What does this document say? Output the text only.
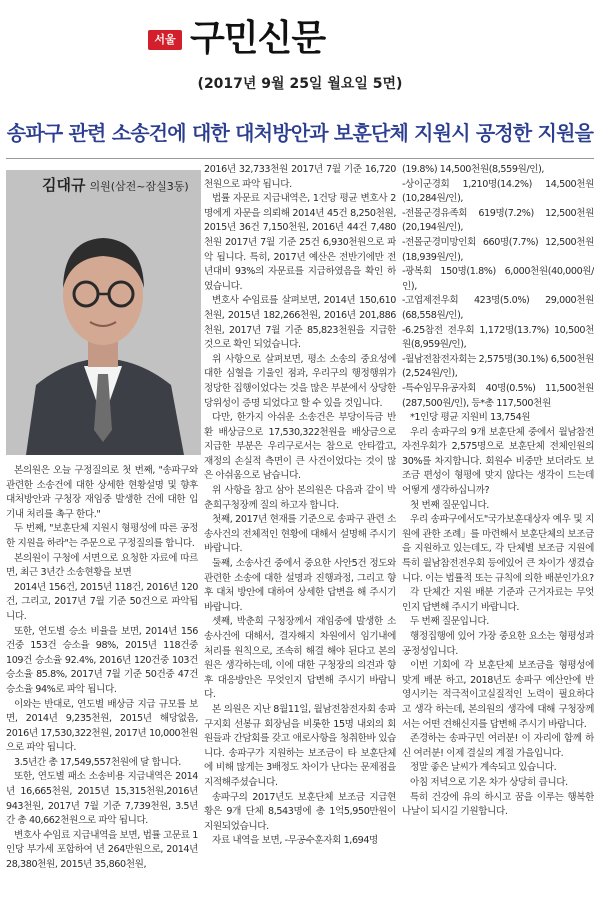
서울 구민신문
(2017년 9월 25일 월요일 5면)
송파구 관련 소송건에 대한 대처방안과 보훈단체 지원시 공정한 지원을
김대규 의원(삼전~잠실3동)

본의원은 오늘 구정질의로 첫 번째, "송파구와 관련한 소송건에 대한 상세한 현황설명 및 향후 대처방안과 구청장 재임중 발생한 건에 대한 입기내 처리를 촉구 한다."

두 번째, "보훈단체 지원시 형평성에 따른 공정한 지원을 하라"는 주문으로 구정질의를 합니다.

본의원이 구청에 서면으로 요청한 자료에 따르면, 최근 3년간 소송현황을 보면

2014년 156건, 2015년 118건, 2016년 120건, 그리고, 2017년 7월 기준 50건으로 파악됩니다.

또한, 연도별 승소 비율을 보면, 2014년 156건중 153건 승소율 98%, 2015년 118건중 109건 승소율 92.4%, 2016년 120건중 103건 승소율 85.8%, 2017년 7월 기준 50건중 47건 승소율 94%로 파악 됩니다.

이와는 반대로, 연도별 배상금 지급 규모를 보면, 2014년 9,235천원, 2015년 해당없음, 2016년 17,530,322천원, 2017년 10,000천원으로 파악 됩니다.

3.5년간 총 17,549,557천원에 달 합니다.

또한, 연도별 패소 소송비용 지급내역은 2014년 16,665천원, 2015년 15,315천원,2016년 943천원, 2017년 7월 기준 7,739천원, 3.5년간 총 40,662천원으로 파악 됩니다.

변호사 수임료 지급내역을 보면, 법률 고문료 1인당 부가세 포함하여 년 264만원으로, 2014년 28,380천원, 2015년 35,860천원,

2016년 32,733천원 2017년 7월 기준 16,720천원으로 파악 됩니다.

법률 자문료 지급내역은, 1건당 평균 변호사 2명에게 자문을 의뢰해 2014년 45건 8,250천원, 2015년 36건 7,150천원, 2016년 44건 7,480천원 2017년 7월 기준 25건 6,930천원으로 파악 됩니다. 특히, 2017년 예산은 전반기에만 전년대비 93%의 자문료를 지급하였음을 확인 하였습니다.

변호사 수임료를 살펴보면, 2014년 150,610천원, 2015년 182,266천원, 2016년 201,886천원, 2017년 7월 기준 85,823천원을 지급한 것으로 확인 되었습니다.

위 사항으로 살펴보면, 평소 소송의 중요성에 대한 심혈을 기울인 점과, 우리구의 행정행위가 정당한 집행이었다는 것을 많은 부분에서 상당한 당위성이 증명 되었다고 할 수 있을 것입니다.

다만, 한가지 아쉬운 소송건은 부당이득금 반환 배상금으로 17,530,322천원을 배상금으로 지급한 부분은 우리구로서는 참으로 안타깝고, 재정의 손실적 측면이 큰 사건이었다는 것이 많은 아쉬움으로 남습니다.

위 사항을 참고 삼아 본의원은 다음과 같이 박춘희구청장께 질의 하고자 합니다.

첫째, 2017년 현재를 기준으로 송파구 관련 소송사건의 전체적인 현황에 대해서 설명해 주시기 바랍니다.

둘째, 소송사건 중에서 중요한 사안5건 정도와 관련한 소송에 대한 설명과 진행과정, 그리고 향후 대처 방안에 대하여 상세한 답변을 해 주시기 바랍니다.

셋째, 박춘희 구청장께서 재임중에 발생한 소송사건에 대해서, 결자해지 차원에서 임기내에 처리를 원칙으로, 조속히 해결 해야 된다고 본의원은 생각하는데, 이에 대한 구청장의 의견과 향후 대응방안은 무엇인지 답변해 주시기 바랍니다.

본 의원은 지난 8월11일, 월남전참전자회 송파구지회 선봉규 회장님을 비롯한 15명 내외의 회원들과 간담회를 갖고 애로사항을 청취한바 있습니다. 송파구가 지원하는 보조금이 타 보훈단체에 비해 많게는 3배정도 차이가 난다는 문제점을 지적해주셨습니다.

송파구의 2017년도 보훈단체 보조금 지급현황은 9개 단체 8,543명에 총 1억5,950만원이 지원되었습니다.

자료 내역을 보면, -무공수훈자회 1,694명

(19.8%) 14,500천원(8,559원/인),

-상이군경회 1,210명(14.2%) 14,500천원(10,284원/인),

-전몰군경유족회 619명(7.2%) 12,500천원(20,194원/인),

-전몰군경미망인회 660명(7.7%) 12,500천원(18,939원/인),

-광복회 150명(1.8%) 6,000천원(40,000원/인),

-고엽제전우회 423명(5.0%) 29,000천원(68,558원/인),

-6.25참전 전우회 1,172명(13.7%) 10,500천원(8,959원/인),

-월남전참전자회는 2,575명(30.1%) 6,500천원(2,524원/인),

-특수임무유공자회 40명(0.5%) 11,500천원(287,500원/인), 등*총 117,500천원

*1인당 평균 지원비 13,754원

우리 송파구의 9개 보훈단체 중에서 월남참전자전우회가 2,575명으로 보훈단체 전체인원의 30%를 차지합니다. 회원수 비중만 보더라도 보조금 편성이 형평에 맞지 않다는 생각이 드는데 어떻게 생각하십니까?

첫 번째 질문입니다.

우리 송파구에서도"국가보훈대상자 예우 및 지원에 관한 조례」를 마련해서 보훈단체의 보조금을 지원하고 있는데도, 각 단체별 보조금 지원에 특히 월남참전전우회 등에있어 큰 차이가 생겼습니다. 이는 법률적 또는 규칙에 의한 배분인가요?

각 단체간 지원 배분 기준과 근거자료는 무엇인지 답변해 주시기 바랍니다.

두 번째 질문입니다.

행정집행에 있어 가장 중요한 요소는 형평성과 공정성입니다.

이번 기회에 각 보훈단체 보조금을 형평성에 맞게 배분 하고, 2018년도 송파구 예산안에 반영시키는 적극적이고실질적인 노력이 필요하다고 생각 하는데, 본의원의 생각에 대해 구청장께서는 어떤 견해신지를 답변해 주시기 바랍니다.

존경하는 송파구민 여러분! 이 자리에 함께 하신 여러분! 이제 결실의 계절 가을입니다.

정말 좋은 날씨가 계속되고 있습니다.

아침 저녁으로 기온 차가 상당히 큽니다.

특히 건강에 유의 하시고 꿈을 이루는 행복한 나날이 되시길 기원합니다.
